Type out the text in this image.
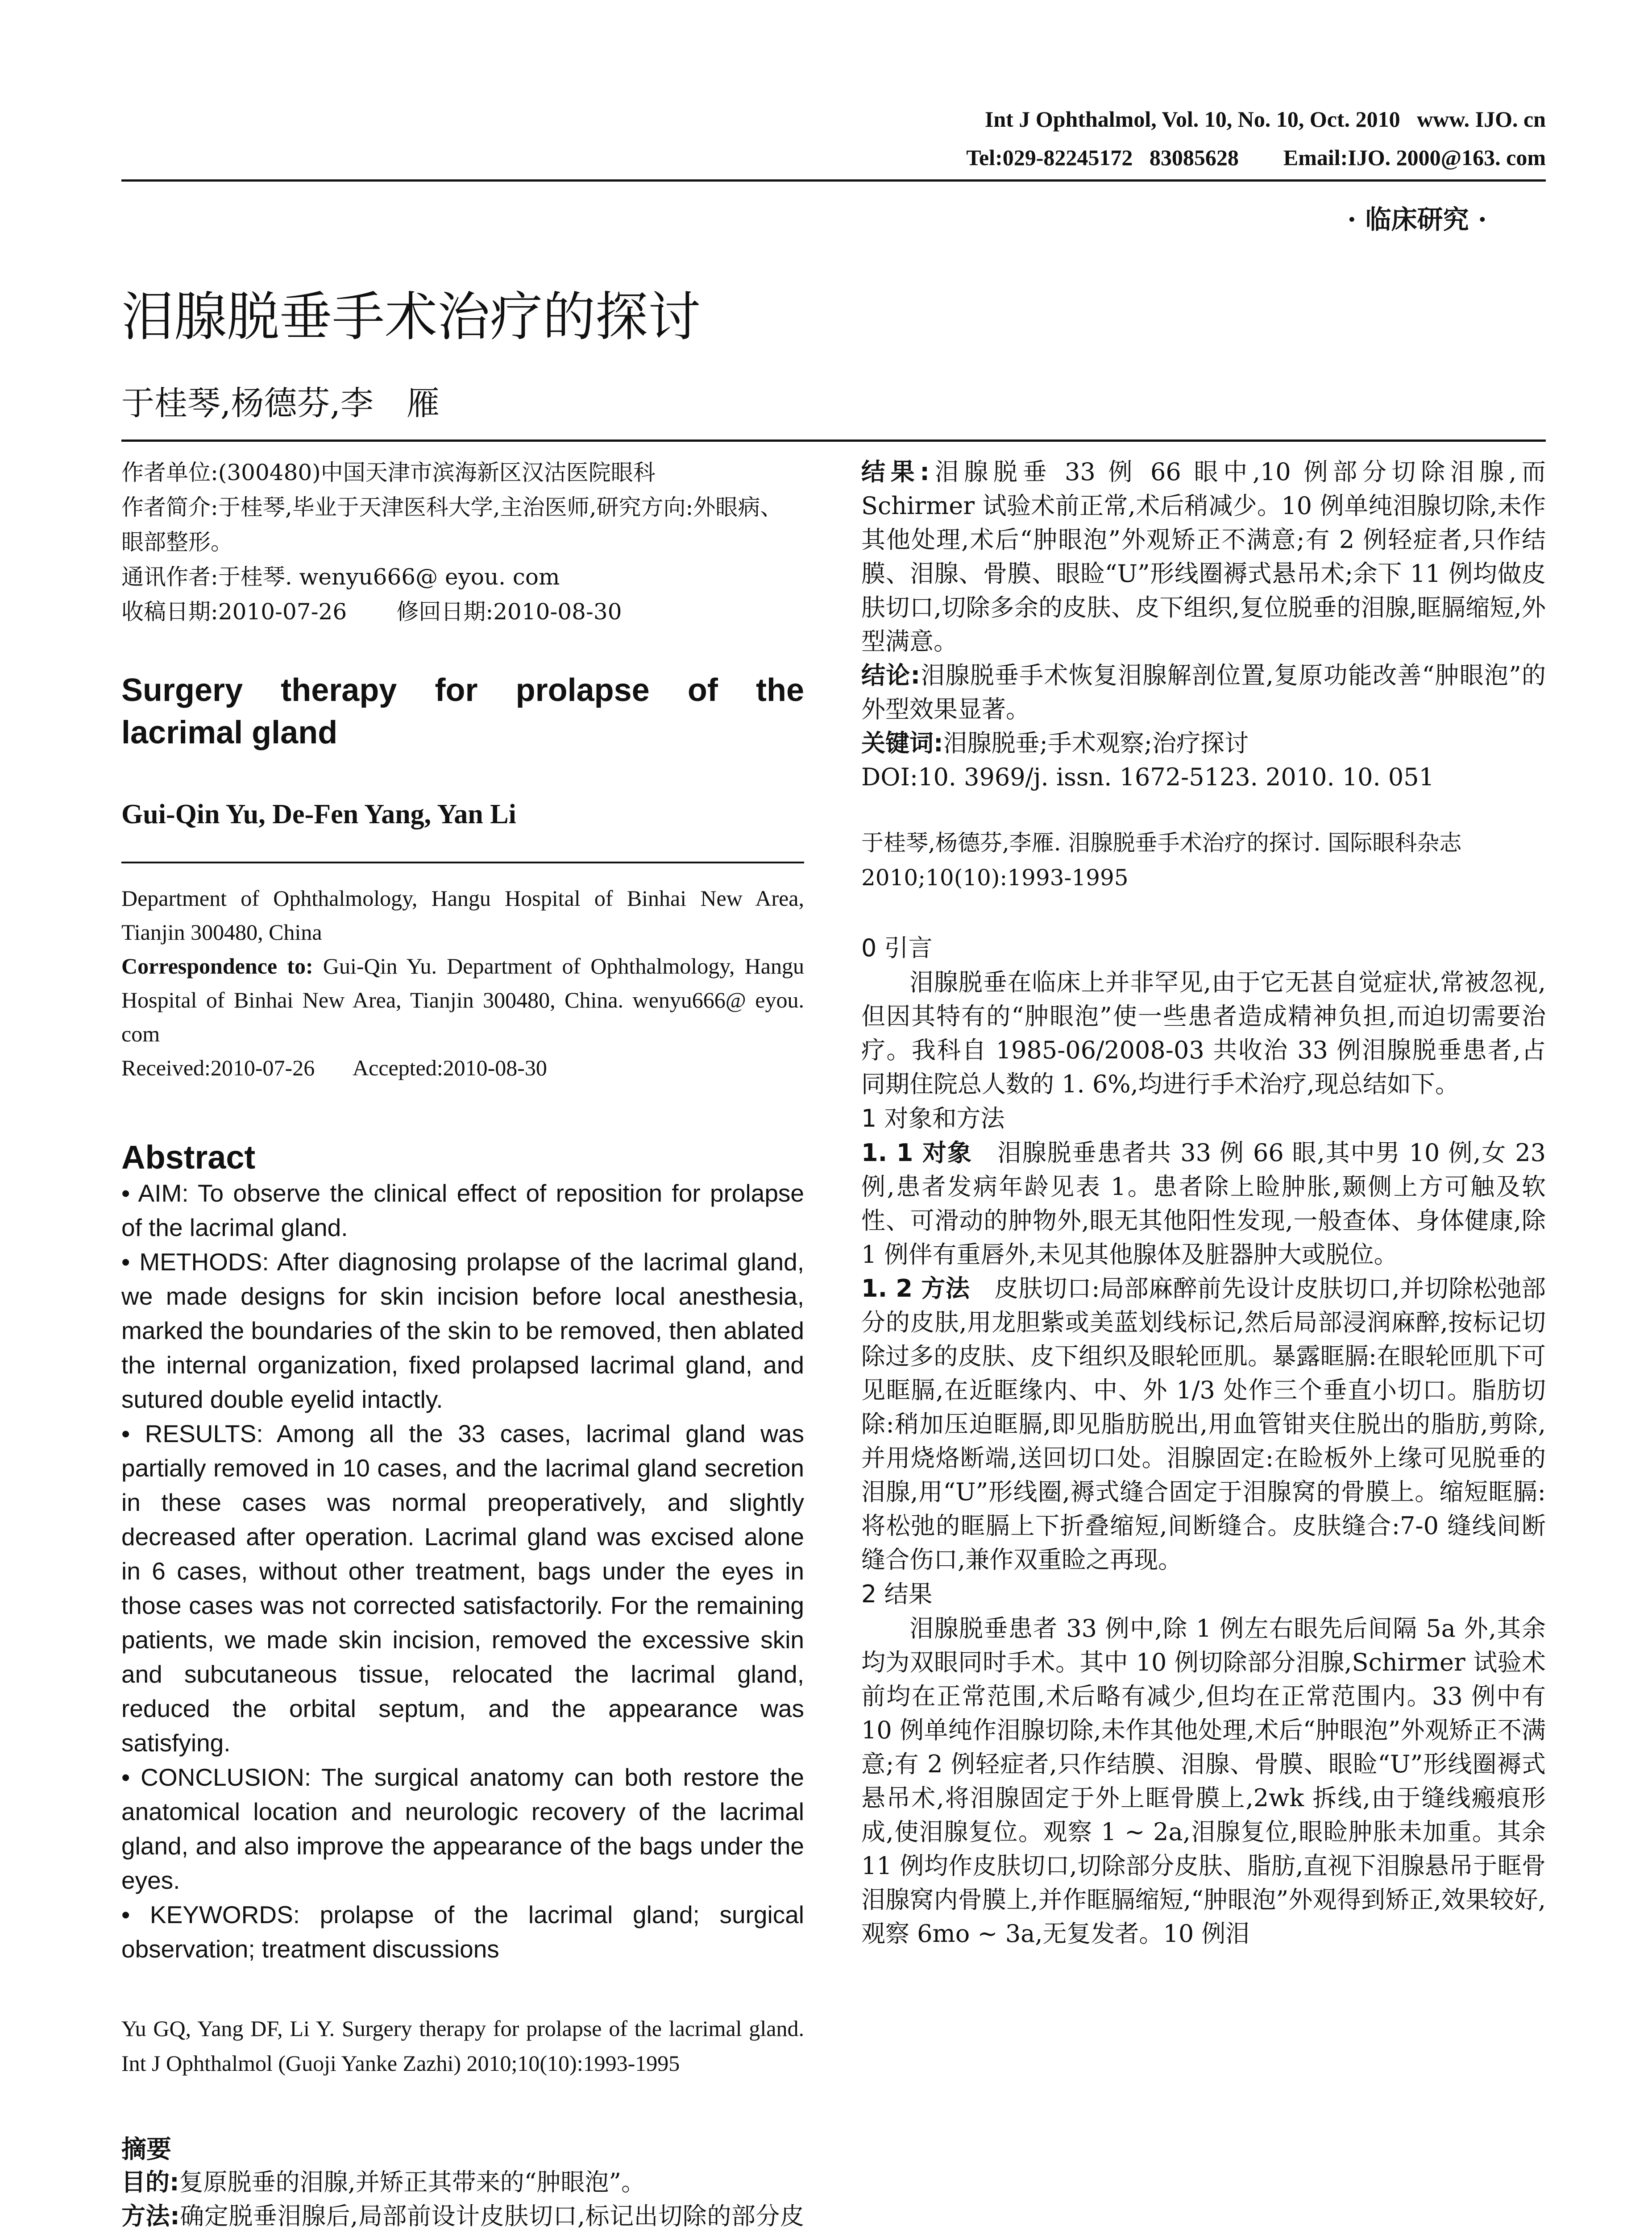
Int J Ophthalmol, Vol. 10, No. 10, Oct. 2010   www. IJO. cn
Tel:029-82245172   83085628        Email:IJO. 2000@163. com
· 临床研究 ·
泪腺脱垂手术治疗的探讨
于桂琴,杨德芬,李　雁
作者单位:(300480)中国天津市滨海新区汉沽医院眼科
作者简介:于桂琴,毕业于天津医科大学,主治医师,研究方向:外眼病、眼部整形。
通讯作者:于桂琴. wenyu666@ eyou. com
收稿日期:2010-07-26       修回日期:2010-08-30
Surgery therapy for prolapse of the
lacrimal gland
Gui-Qin Yu, De-Fen Yang, Yan Li
Department of Ophthalmology, Hangu Hospital of Binhai New Area, Tianjin 300480, China
Correspondence to: Gui-Qin Yu. Department of Ophthalmology, Hangu Hospital of Binhai New Area, Tianjin 300480, China. wenyu666@ eyou. com
Received:2010-07-26       Accepted:2010-08-30
Abstract

• AIM: To observe the clinical effect of reposition for prolapse of the lacrimal gland.

• METHODS: After diagnosing prolapse of the lacrimal gland, we made designs for skin incision before local anesthesia, marked the boundaries of the skin to be removed, then ablated the internal organization, fixed prolapsed lacrimal gland, and sutured double eyelid intactly.

• RESULTS: Among all the 33 cases, lacrimal gland was partially removed in 10 cases, and the lacrimal gland secretion in these cases was normal preoperatively, and slightly decreased after operation. Lacrimal gland was excised alone in 6 cases, without other treatment, bags under the eyes in those cases was not corrected satisfactorily. For the remaining patients, we made skin incision, removed the excessive skin and subcutaneous tissue, relocated the lacrimal gland, reduced the orbital septum, and the appearance was satisfying.

• CONCLUSION: The surgical anatomy can both restore the anatomical location and neurologic recovery of the lacrimal gland, and also improve the appearance of the bags under the eyes.

• KEYWORDS: prolapse of the lacrimal gland; surgical observation; treatment discussions

Yu GQ, Yang DF, Li Y. Surgery therapy for prolapse of the lacrimal gland. Int J Ophthalmol (Guoji Yanke Zazhi) 2010;10(10):1993-1995
摘要

目的:复原脱垂的泪腺,并矫正其带来的“肿眼泡”。

方法:确定脱垂泪腺后,局部前设计皮肤切口,标记出切除的部分皮

结果:泪腺脱垂 33 例 66 眼中,10 例部分切除泪腺,而 Schirmer 试验术前正常,术后稍减少。10 例单纯泪腺切除,未作其他处理,术后“肿眼泡”外观矫正不满意;有 2 例轻症者,只作结膜、泪腺、骨膜、眼睑“U”形线圈褥式悬吊术;余下 11 例均做皮肤切口,切除多余的皮肤、皮下组织,复位脱垂的泪腺,眶膈缩短,外型满意。

结论:泪腺脱垂手术恢复泪腺解剖位置,复原功能改善“肿眼泡”的外型效果显著。

关键词:泪腺脱垂;手术观察;治疗探讨

DOI:10. 3969/j. issn. 1672-5123. 2010. 10. 051

于桂琴,杨德芬,李雁. 泪腺脱垂手术治疗的探讨. 国际眼科杂志 2010;10(10):1993-1995
0 引言

泪腺脱垂在临床上并非罕见,由于它无甚自觉症状,常被忽视,但因其特有的“肿眼泡”使一些患者造成精神负担,而迫切需要治疗。我科自 1985-06/2008-03 共收治 33 例泪腺脱垂患者,占同期住院总人数的 1. 6%,均进行手术治疗,现总结如下。

1 对象和方法

1. 1 对象　 泪腺脱垂患者共 33 例 66 眼,其中男 10 例,女 23 例,患者发病年龄见表 1。患者除上睑肿胀,颞侧上方可触及软性、可滑动的肿物外,眼无其他阳性发现,一般查体、身体健康,除 1 例伴有重唇外,未见其他腺体及脏器肿大或脱位。

1. 2 方法　 皮肤切口:局部麻醉前先设计皮肤切口,并切除松弛部分的皮肤,用龙胆紫或美蓝划线标记,然后局部浸润麻醉,按标记切除过多的皮肤、皮下组织及眼轮匝肌。暴露眶膈:在眼轮匝肌下可见眶膈,在近眶缘内、中、外 1/3 处作三个垂直小切口。脂肪切除:稍加压迫眶膈,即见脂肪脱出,用血管钳夹住脱出的脂肪,剪除,并用烧烙断端,送回切口处。泪腺固定:在睑板外上缘可见脱垂的泪腺,用“U”形线圈,褥式缝合固定于泪腺窝的骨膜上。缩短眶膈:将松弛的眶膈上下折叠缩短,间断缝合。皮肤缝合:7-0 缝线间断缝合伤口,兼作双重睑之再现。

2 结果

泪腺脱垂患者 33 例中,除 1 例左右眼先后间隔 5a 外,其余均为双眼同时手术。其中 10 例切除部分泪腺,Schirmer 试验术前均在正常范围,术后略有减少,但均在正常范围内。33 例中有 10 例单纯作泪腺切除,未作其他处理,术后“肿眼泡”外观矫正不满意;有 2 例轻症者,只作结膜、泪腺、骨膜、眼睑“U”形线圈褥式悬吊术,将泪腺固定于外上眶骨膜上,2wk 拆线,由于缝线瘢痕形成,使泪腺复位。观察 1 ~ 2a,泪腺复位,眼睑肿胀未加重。其余 11 例均作皮肤切口,切除部分皮肤、脂肪,直视下泪腺悬吊于眶骨泪腺窝内骨膜上,并作眶膈缩短,“肿眼泡”外观得到矫正,效果较好,观察 6mo ~ 3a,无复发者。10 例泪
